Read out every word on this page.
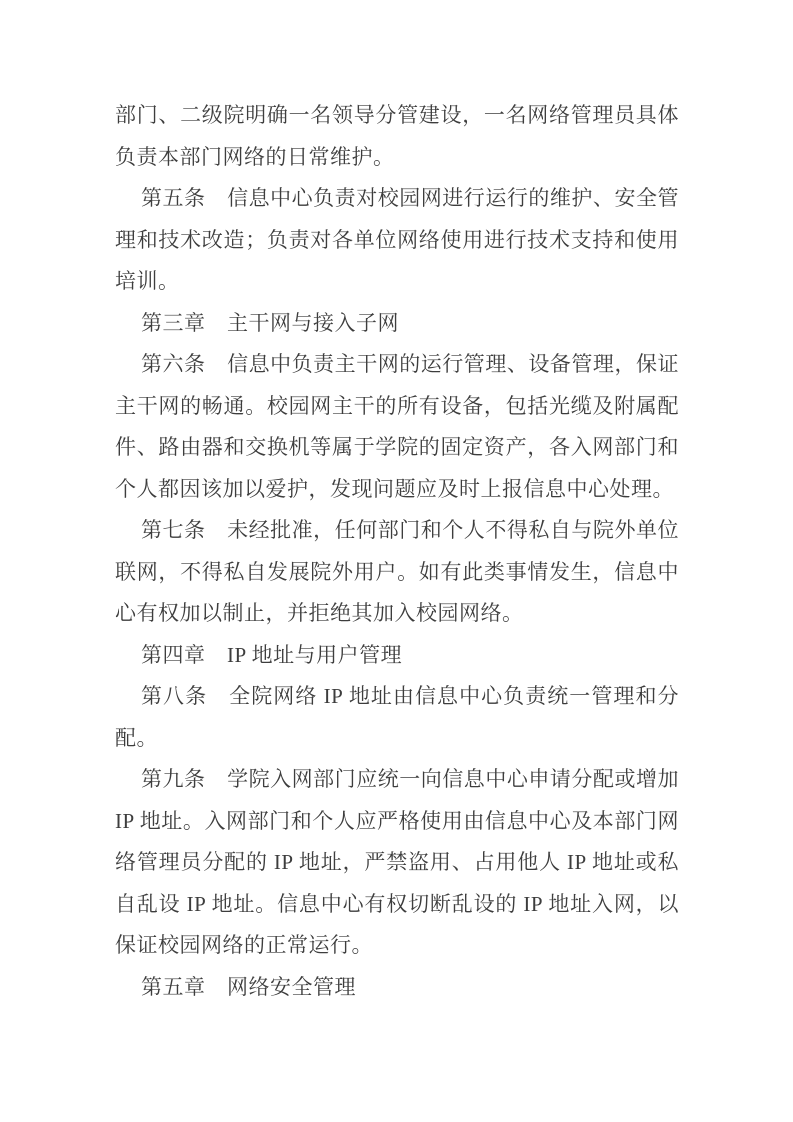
部门、二级院明确一名领导分管建设，一名网络管理员具体
负责本部门网络的日常维护。
第五条　信息中心负责对校园网进行运行的维护、安全管
理和技术改造；负责对各单位网络使用进行技术支持和使用
培训。
第三章　主干网与接入子网
第六条　信息中负责主干网的运行管理、设备管理，保证
主干网的畅通。校园网主干的所有设备，包括光缆及附属配
件、路由器和交换机等属于学院的固定资产，各入网部门和
个人都因该加以爱护，发现问题应及时上报信息中心处理。
第七条　未经批准，任何部门和个人不得私自与院外单位
联网，不得私自发展院外用户。如有此类事情发生，信息中
心有权加以制止，并拒绝其加入校园网络。
第四章　IP 地址与用户管理
第八条　全院网络 IP 地址由信息中心负责统一管理和分
配。
第九条　学院入网部门应统一向信息中心申请分配或增加
IP 地址。入网部门和个人应严格使用由信息中心及本部门网
络管理员分配的 IP 地址，严禁盗用、占用他人 IP 地址或私
自乱设 IP 地址。信息中心有权切断乱设的 IP 地址入网，以
保证校园网络的正常运行。
第五章　网络安全管理
